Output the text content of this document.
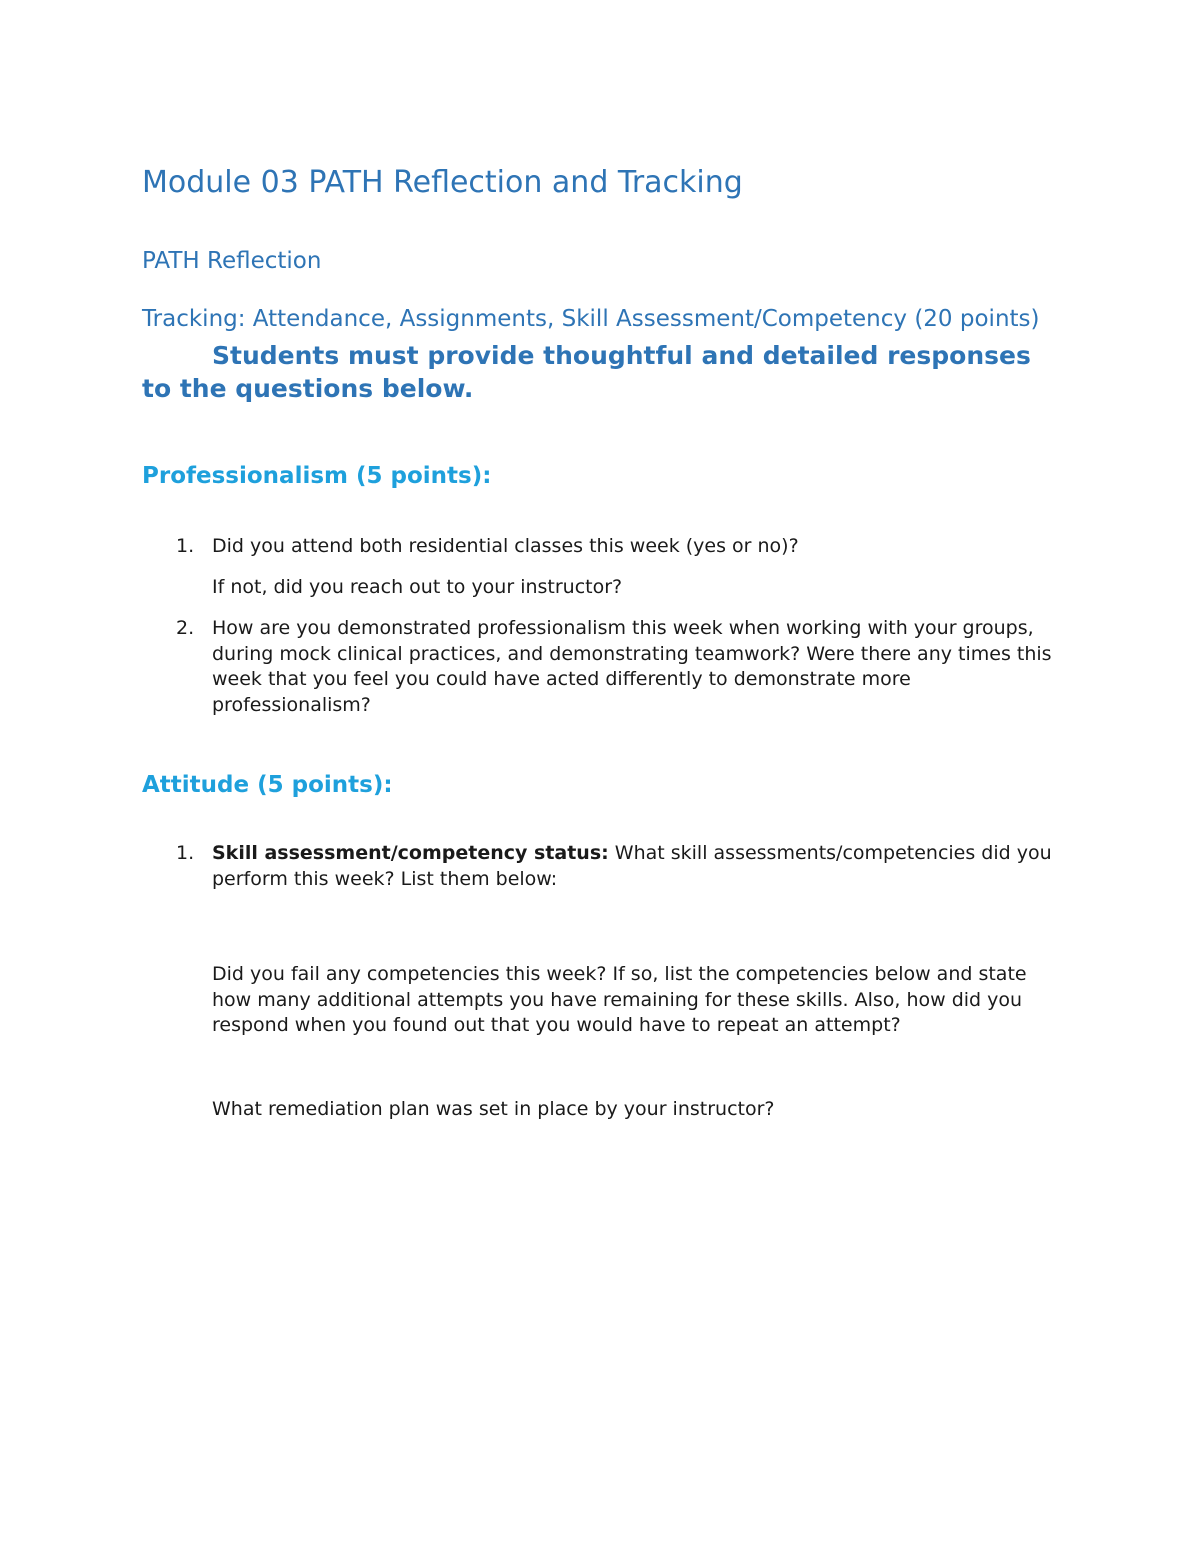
Module 03 PATH Reflection and Tracking

PATH Reflection

Tracking: Attendance, Assignments, Skill Assessment/Competency (20 points)

Students must provide thoughtful and detailed responses to the questions below.

Professionalism (5 points):
1. Did you attend both residential classes this week (yes or no)?
If not, did you reach out to your instructor?
2. How are you demonstrated professionalism this week when working with your groups, during mock clinical practices, and demonstrating teamwork? Were there any times this week that you feel you could have acted differently to demonstrate more professionalism?
Attitude (5 points):
1. Skill assessment/competency status: What skill assessments/competencies did you perform this week? List them below:
Did you fail any competencies this week? If so, list the competencies below and state how many additional attempts you have remaining for these skills. Also, how did you respond when you found out that you would have to repeat an attempt?
What remediation plan was set in place by your instructor?
